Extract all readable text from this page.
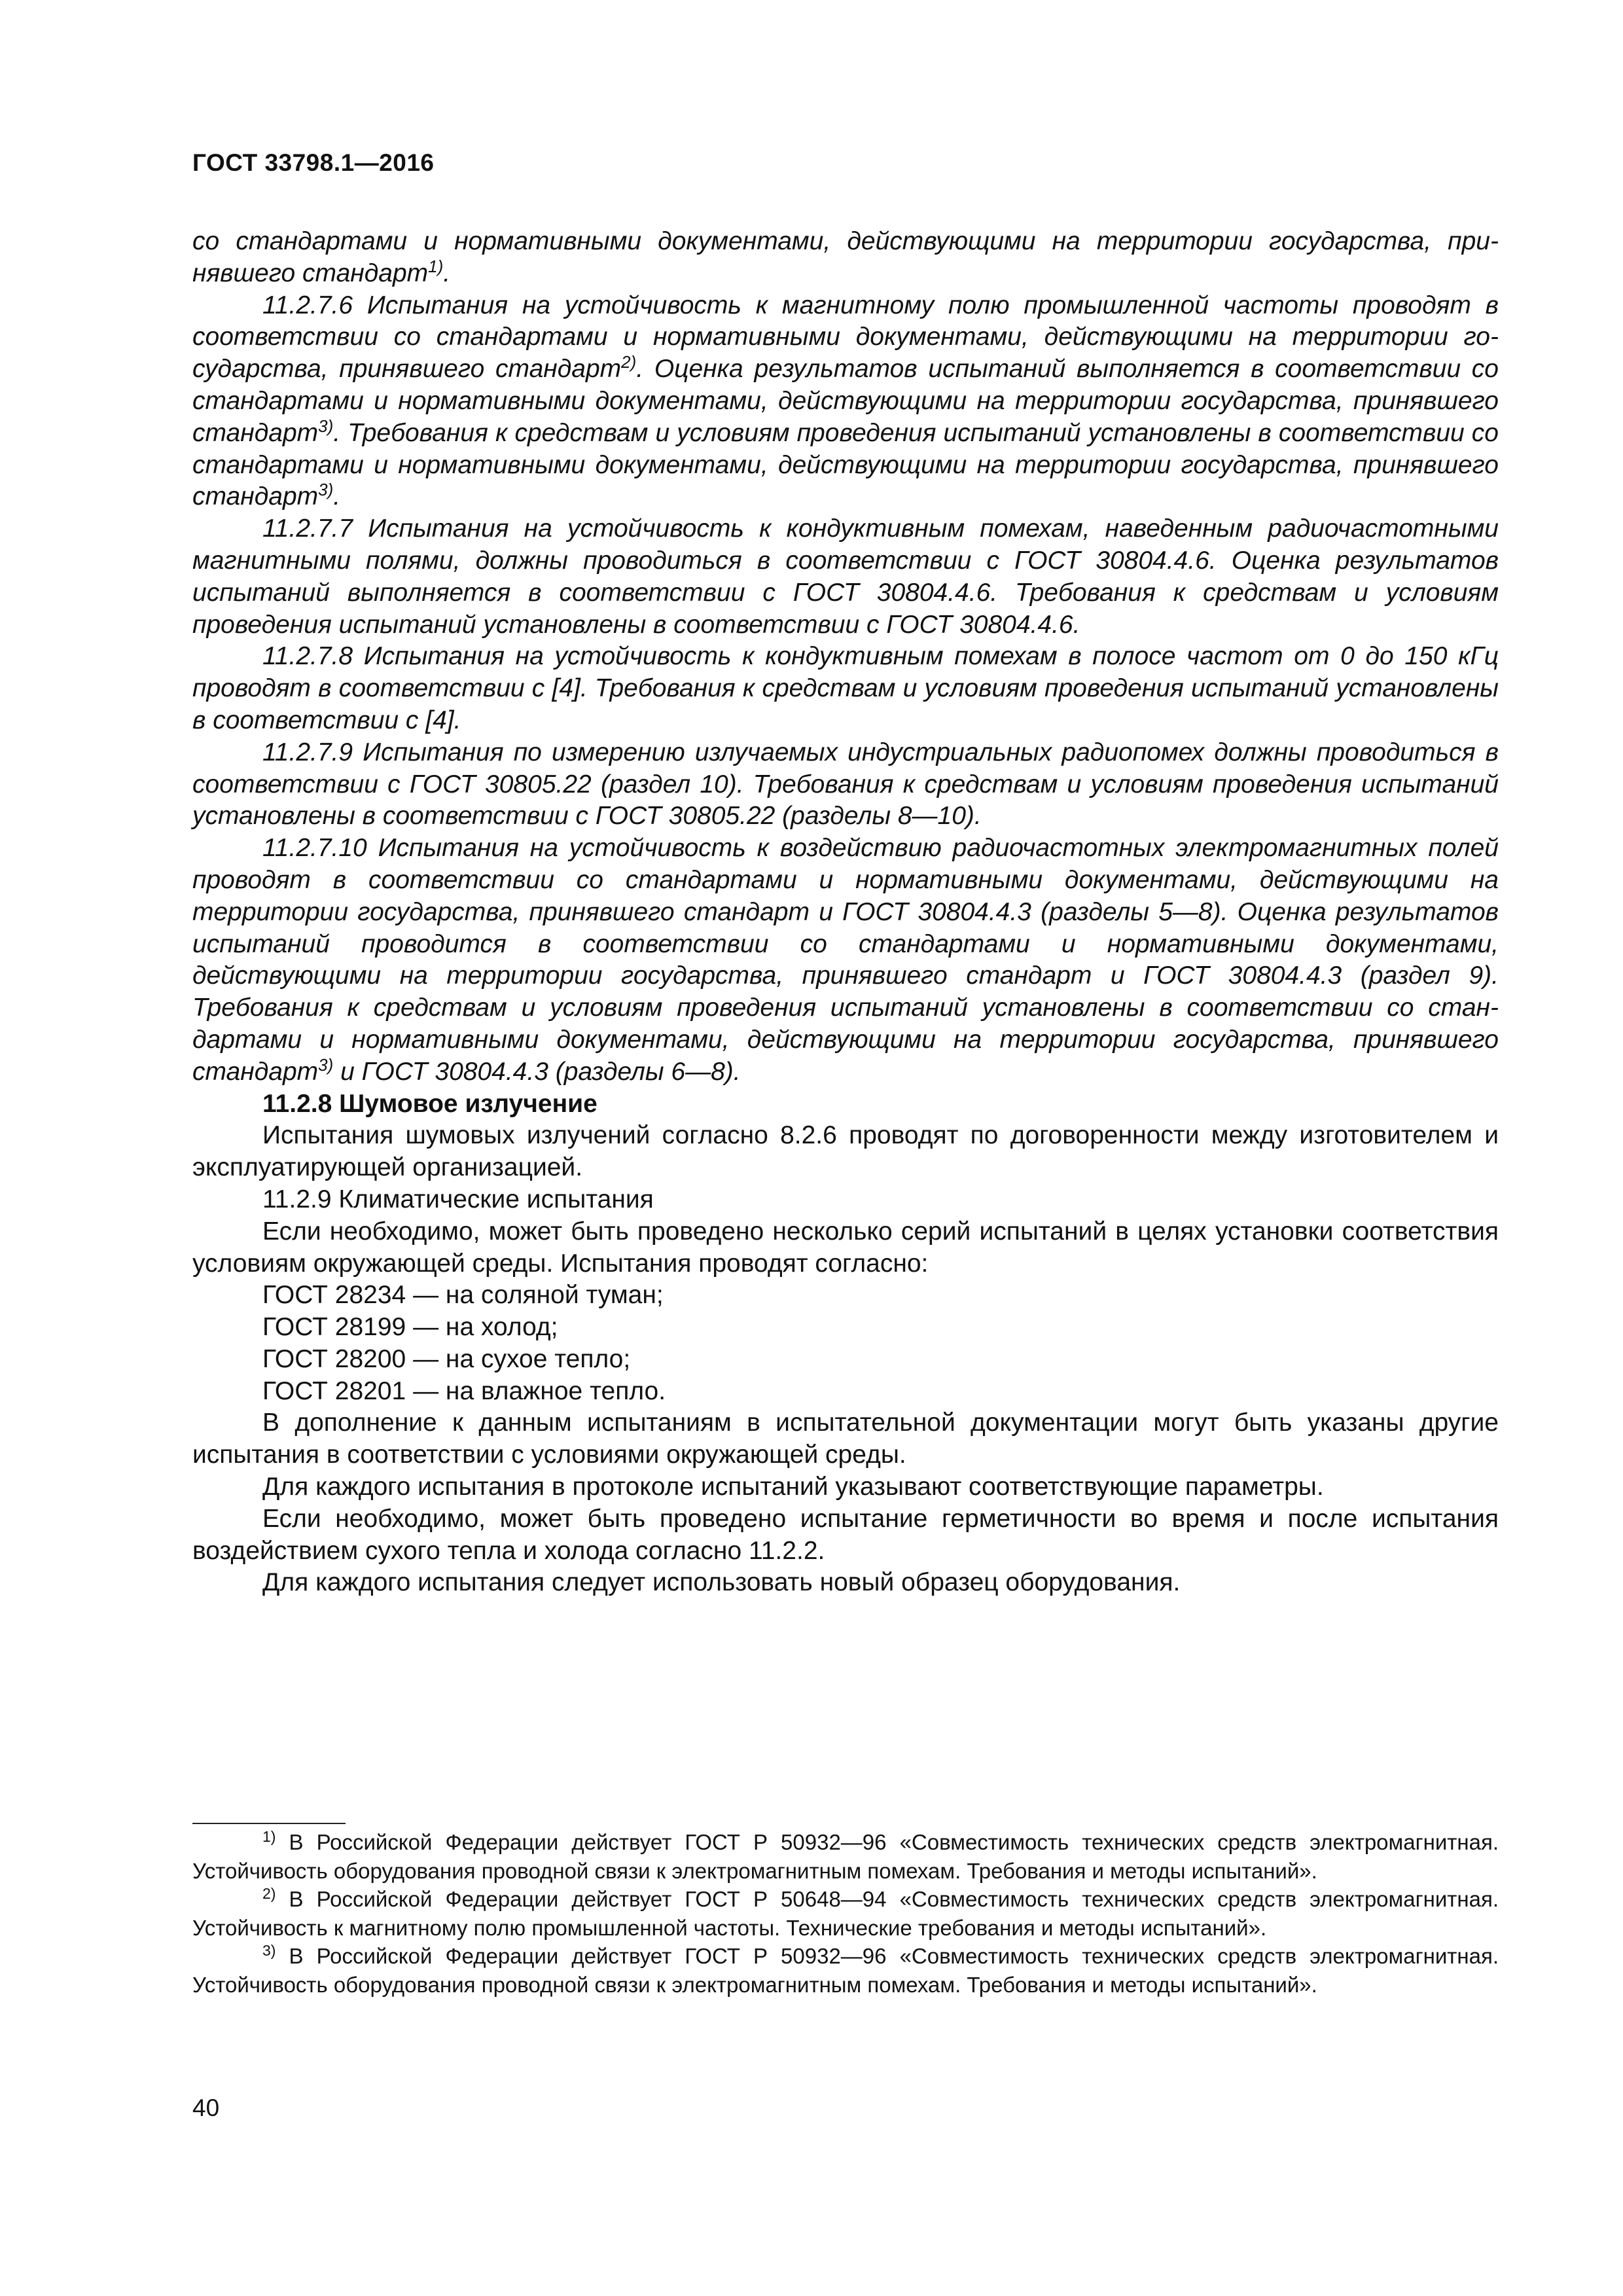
ГОСТ 33798.1—2016

со стандартами и нормативными документами, действующими на территории государства, принявшего стандарт$^{1)}$.

11.2.7.6 Испытания на устойчивость к магнитному полю промышленной частоты проводят в соответствии со стандартами и нормативными документами, действующими на территории государства, принявшего стандарт$^{2)}$. Оценка результатов испытаний выполняется в соответствии со стандартами и нормативными документами, действующими на территории государства, принявшего стандарт$^{3)}$. Требования к средствам и условиям проведения испытаний установлены в соответствии со стандартами и нормативными документами, действующими на территории государства, принявшего стандарт$^{3)}$.

11.2.7.7 Испытания на устойчивость к кондуктивным помехам, наведенным радиочастотными магнитными полями, должны проводиться в соответствии с ГОСТ 30804.4.6. Оценка результатов испытаний выполняется в соответствии с ГОСТ 30804.4.6. Требования к средствам и условиям проведения испытаний установлены в соответствии с ГОСТ 30804.4.6.

11.2.7.8 Испытания на устойчивость к кондуктивным помехам в полосе частот от 0 до 150 кГц проводят в соответствии с [4]. Требования к средствам и условиям проведения испытаний установлены в соответствии с [4].

11.2.7.9 Испытания по измерению излучаемых индустриальных радиопомех должны проводиться в соответствии с ГОСТ 30805.22 (раздел 10). Требования к средствам и условиям проведения испытаний установлены в соответствии с ГОСТ 30805.22 (разделы 8—10).

11.2.7.10 Испытания на устойчивость к воздействию радиочастотных электромагнитных полей проводят в соответствии со стандартами и нормативными документами, действующими на территории государства, принявшего стандарт и ГОСТ 30804.4.3 (разделы 5—8). Оценка результатов испытаний проводится в соответствии со стандартами и нормативными документами, действующими на территории государства, принявшего стандарт и ГОСТ 30804.4.3 (раздел 9). Требования к средствам и условиям проведения испытаний установлены в соответствии со стандартами и нормативными документами, действующими на территории государства, принявшего стандарт$^{3)}$ и ГОСТ 30804.4.3 (разделы 6—8).

11.2.8 Шумовое излучение

Испытания шумовых излучений согласно 8.2.6 проводят по договоренности между изготовителем и эксплуатирующей организацией.

11.2.9 Климатические испытания

Если необходимо, может быть проведено несколько серий испытаний в целях установки соответствия условиям окружающей среды. Испытания проводят согласно:

ГОСТ 28234 — на соляной туман;

ГОСТ 28199 — на холод;

ГОСТ 28200 — на сухое тепло;

ГОСТ 28201 — на влажное тепло.

В дополнение к данным испытаниям в испытательной документации могут быть указаны другие испытания в соответствии с условиями окружающей среды.

Для каждого испытания в протоколе испытаний указывают соответствующие параметры.

Если необходимо, может быть проведено испытание герметичности во время и после испытания воздействием сухого тепла и холода согласно 11.2.2.

Для каждого испытания следует использовать новый образец оборудования.

$^{1)}$ В Российской Федерации действует ГОСТ Р 50932—96 «Совместимость технических средств электромагнитная. Устойчивость оборудования проводной связи к электромагнитным помехам. Требования и методы испытаний».

$^{2)}$ В Российской Федерации действует ГОСТ Р 50648—94 «Совместимость технических средств электромагнитная. Устойчивость к магнитному полю промышленной частоты. Технические требования и методы испытаний».

$^{3)}$ В Российской Федерации действует ГОСТ Р 50932—96 «Совместимость технических средств электромагнитная. Устойчивость оборудования проводной связи к электромагнитным помехам. Требования и методы испытаний».

40
